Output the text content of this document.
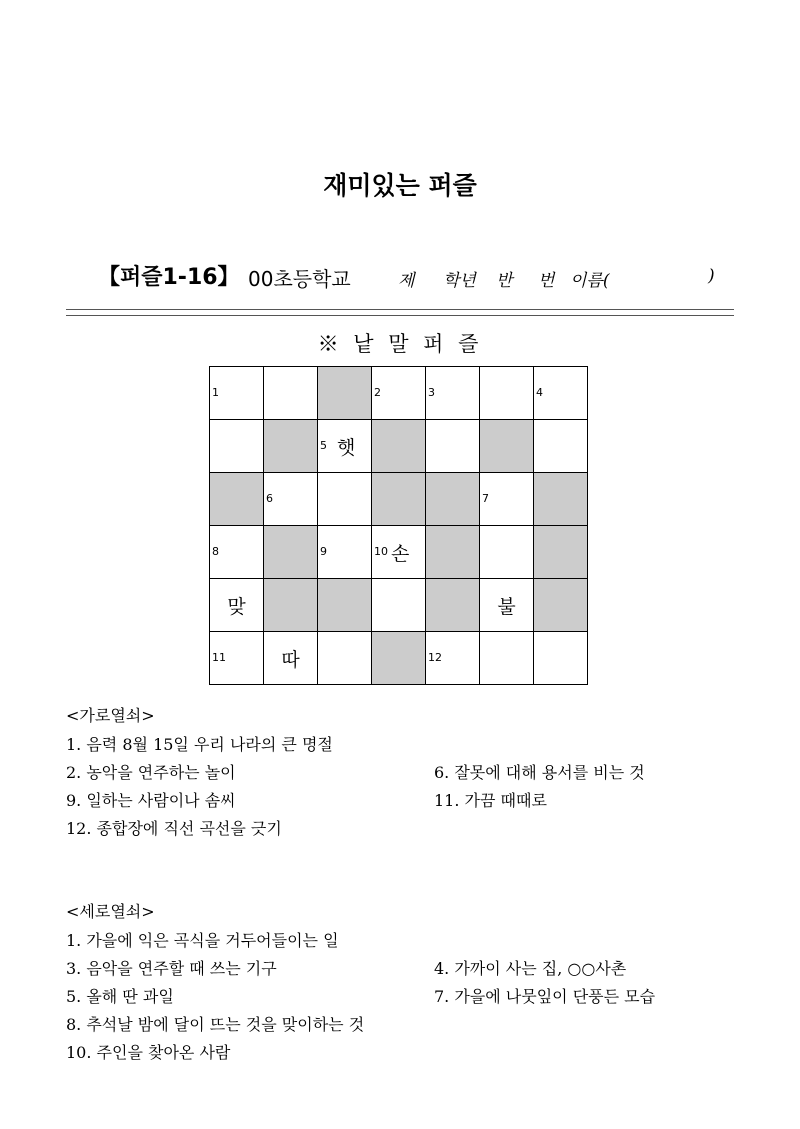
재미있는 퍼즐
【퍼즐1-16】 00초등학교	제 학년 반 번 이름(	)
※ 낱 말 퍼 즐
1			2	3		4

		5 햇				

	6				7	

8		9	10 손			

맞					불	

11	따			12		

<가로열쇠>
1. 음력 8월 15일 우리 나라의 큰 명절
2. 농악을 연주하는 놀이	6. 잘못에 대해 용서를 비는 것
9. 일하는 사람이나 솜씨	11. 가끔 때때로
12. 종합장에 직선 곡선을 긋기
<세로열쇠>
1. 가을에 익은 곡식을 거두어들이는 일
3. 음악을 연주할 때 쓰는 기구	4. 가까이 사는 집, ○○사촌
5. 올해 딴 과일	7. 가을에 나뭇잎이 단풍든 모습
8. 추석날 밤에 달이 뜨는 것을 맞이하는 것
10. 주인을 찾아온 사람
